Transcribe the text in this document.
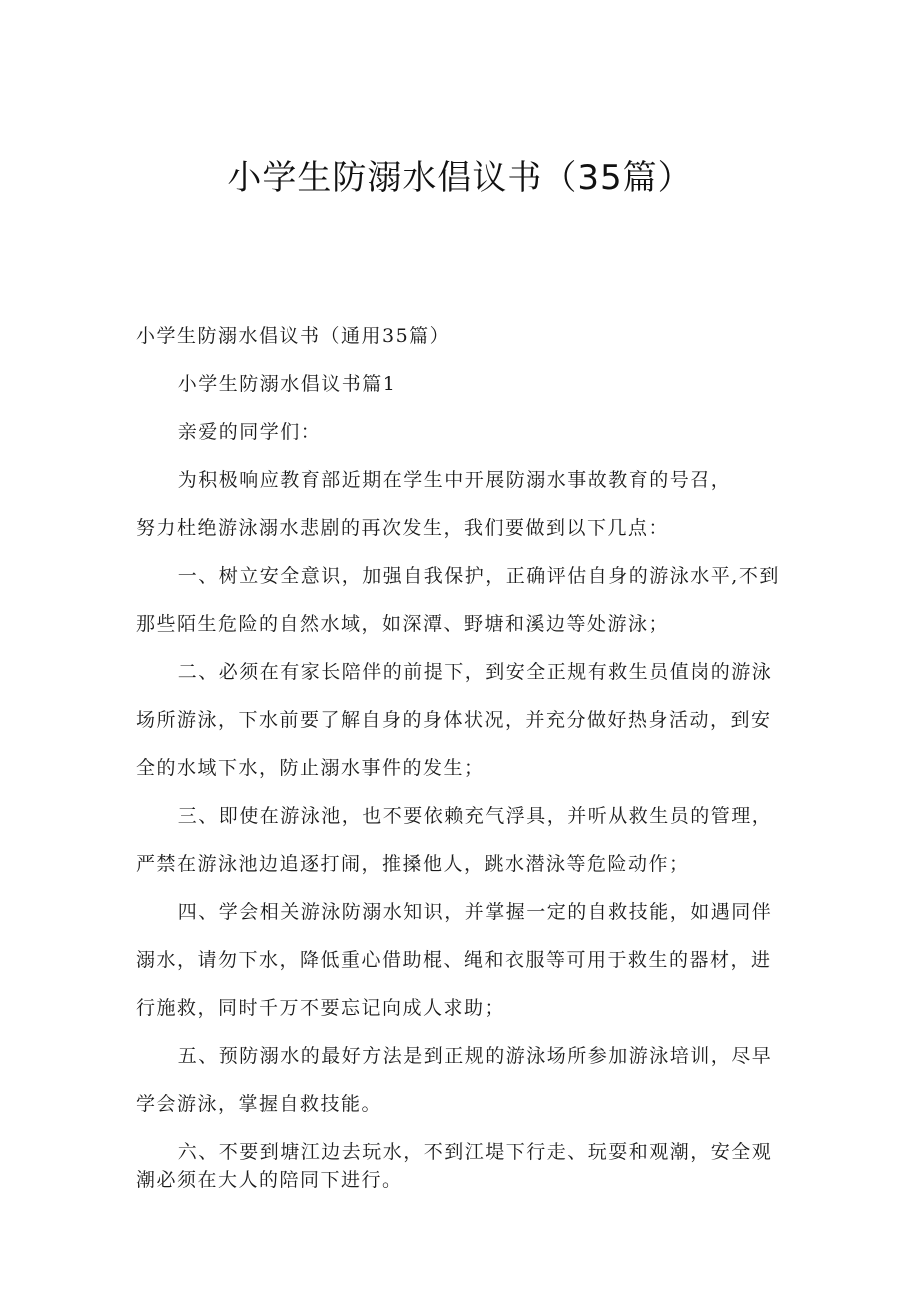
小学生防溺水倡议书（35篇）

小学生防溺水倡议书（通用35篇）

小学生防溺水倡议书篇1

亲爱的同学们：

为积极响应教育部近期在学生中开展防溺水事故教育的号召，

努力杜绝游泳溺水悲剧的再次发生，我们要做到以下几点：

一、树立安全意识，加强自我保护，正确评估自身的游泳水平,不到那些陌生危险的自然水域，如深潭、野塘和溪边等处游泳；

二、必须在有家长陪伴的前提下，到安全正规有救生员值岗的游泳场所游泳，下水前要了解自身的身体状况，并充分做好热身活动，到安全的水域下水，防止溺水事件的发生；

三、即使在游泳池，也不要依赖充气浮具，并听从救生员的管理，严禁在游泳池边追逐打闹，推搡他人，跳水潜泳等危险动作；

四、学会相关游泳防溺水知识，并掌握一定的自救技能，如遇同伴溺水，请勿下水，降低重心借助棍、绳和衣服等可用于救生的器材，进行施救，同时千万不要忘记向成人求助；

五、预防溺水的最好方法是到正规的游泳场所参加游泳培训，尽早学会游泳，掌握自救技能。

六、不要到塘江边去玩水，不到江堤下行走、玩耍和观潮，安全观潮必须在大人的陪同下进行。
